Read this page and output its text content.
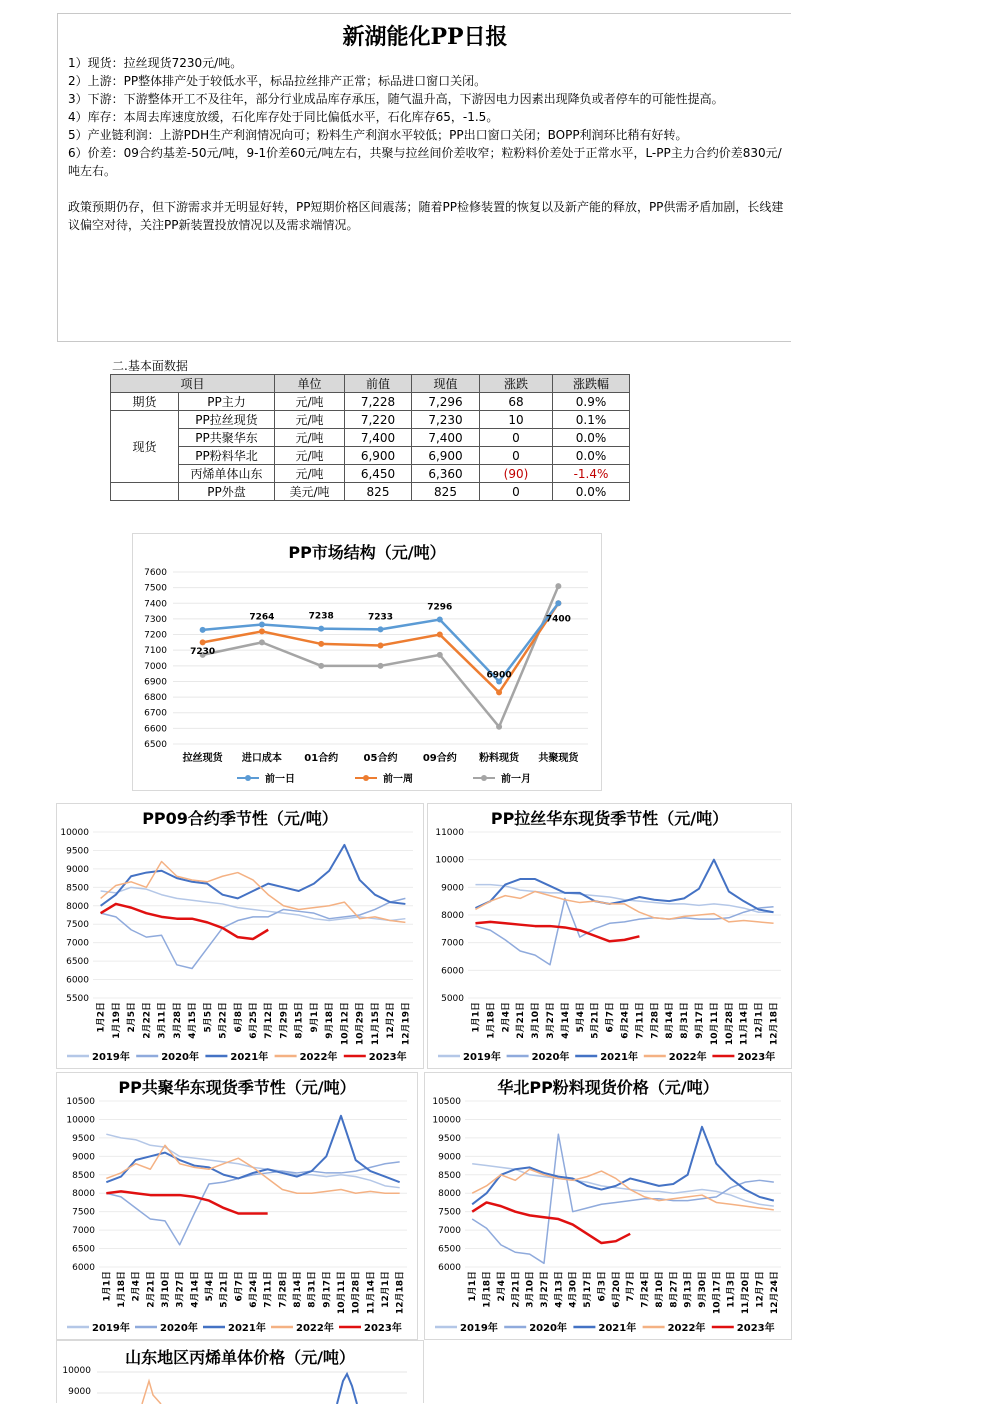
新湖能化PP日报
1）现货：拉丝现货7230元/吨。
2）上游：PP整体排产处于较低水平，标品拉丝排产正常；标品进口窗口关闭。
3）下游：下游整体开工不及往年，部分行业成品库存承压，随气温升高，下游因电力因素出现降负或者停车的可能性提高。
4）库存：本周去库速度放缓，石化库存处于同比偏低水平，石化库存65，-1.5。
5）产业链利润：上游PDH生产利润情况向可；粉料生产利润水平较低；PP出口窗口关闭；BOPP利润环比稍有好转。
6）价差：09合约基差-50元/吨，9-1价差60元/吨左右，共聚与拉丝间价差收窄；粒粉料价差处于正常水平，L-PP主力合约价差830元/吨左右。
政策预期仍存，但下游需求并无明显好转，PP短期价格区间震荡；随着PP检修装置的恢复以及新产能的释放，PP供需矛盾加剧，长线建议偏空对待，关注PP新装置投放情况以及需求端情况。
二.基本面数据
项目		单位	前值	现值	涨跌	涨跌幅
期货	PP主力	元/吨	7,228	7,296	68	0.9%
现货	PP拉丝现货	元/吨	7,220	7,230	10	0.1%
	PP共聚华东	元/吨	7,400	7,400	0	0.0%
	PP粉料华北	元/吨	6,900	6,900	0	0.0%
	丙烯单体山东	元/吨	6,450	6,360	(90)	-1.4%
	PP外盘	美元/吨	825	825	0	0.0%
PP市场结构（元/吨）
6500
6600
6700
6800
6900
7000
7100
7200
7300
7400
7500
7600
拉丝现货 进口成本 01合约	05合约	09合约 粉料现货 共聚现货
7230
7264	7238	7233
7296
6900
7400
前一日	前一周	前一月
PP09合约季节性（元/吨）
5500
6000
6500
7000
7500
8000
8500
9000
9500
10000
1月2日 1月19日 2月5日 2月22日 3月11日 3月28日 4月15日 5月5日 5月22日 6月8日 6月25日 7月12日 7月29日 8月15日 9月1日 9月18日 10月12日 10月29日 11月15日 12月2日 12月19日
2019年	2020年	2021年	2022年	2023年
PP拉丝华东现货季节性（元/吨）
5000
6000
7000
8000
9000
10000
11000
1月1日 1月18日 2月4日 2月21日 3月10日 3月27日 4月14日 5月4日 5月21日 6月7日 6月24日 7月11日 7月28日 8月14日 8月31日 9月17日 10月11日 10月28日 11月14日 12月1日 12月18日
2019年	2020年	2021年	2022年	2023年
PP共聚华东现货季节性（元/吨）
6000
6500
7000
7500
8000
8500
9000
9500
10000
10500
1月1日 1月18日 2月4日 2月21日 3月10日 3月27日 4月14日 5月4日 5月21日 6月7日 6月24日 7月11日 7月28日 8月14日 8月31日 9月17日 10月11日 10月28日 11月14日 12月1日 12月18日
2019年	2020年	2021年	2022年	2023年
华北PP粉料现货价格（元/吨）
6000
6500
7000
7500
8000
8500
9000
9500
10000
10500
1月1日 1月18日 2月4日 2月21日 3月10日 3月27日 4月13日 4月30日 5月17日 6月3日 6月20日 7月7日 7月24日 8月10日 8月27日 9月13日 9月30日 10月17日 11月3日 11月20日 12月7日 12月24日
2019年	2020年	2021年	2022年	2023年
山东地区丙烯单体价格（元/吨）
10000
9000
